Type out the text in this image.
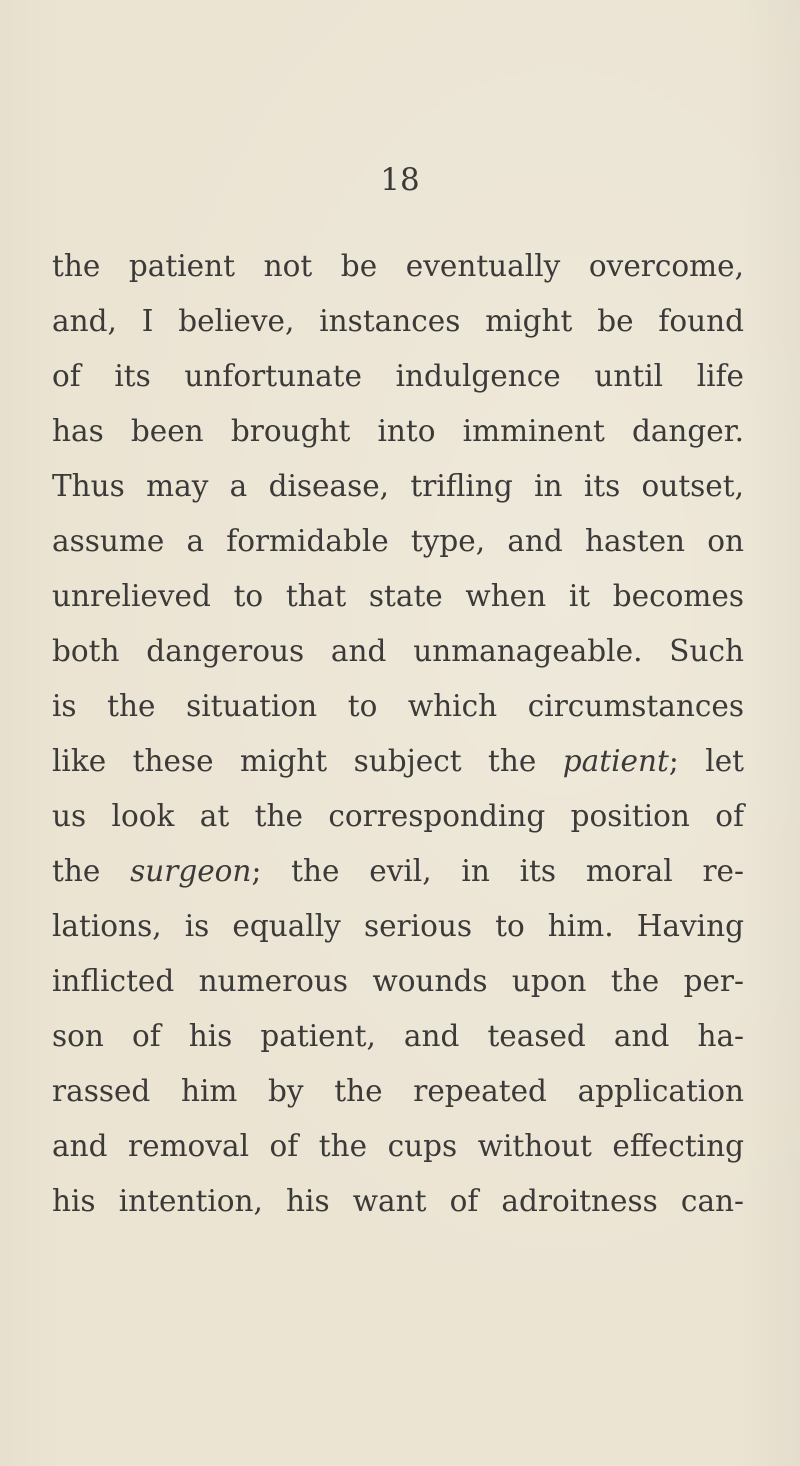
18
the patient not be eventually overcome,
and, I believe, instances might be found
of its unfortunate indulgence until life
has been brought into imminent danger.
Thus may a disease, trifling in its outset,
assume a formidable type, and hasten on
unrelieved to that state when it becomes
both dangerous and unmanageable. Such
is the situation to which circumstances
like these might subject the patient; let
us look at the corresponding position of
the surgeon; the evil, in its moral re-
lations, is equally serious to him. Having
inflicted numerous wounds upon the per-
son of his patient, and teased and ha-
rassed him by the repeated application
and removal of the cups without effecting
his intention, his want of adroitness can-
